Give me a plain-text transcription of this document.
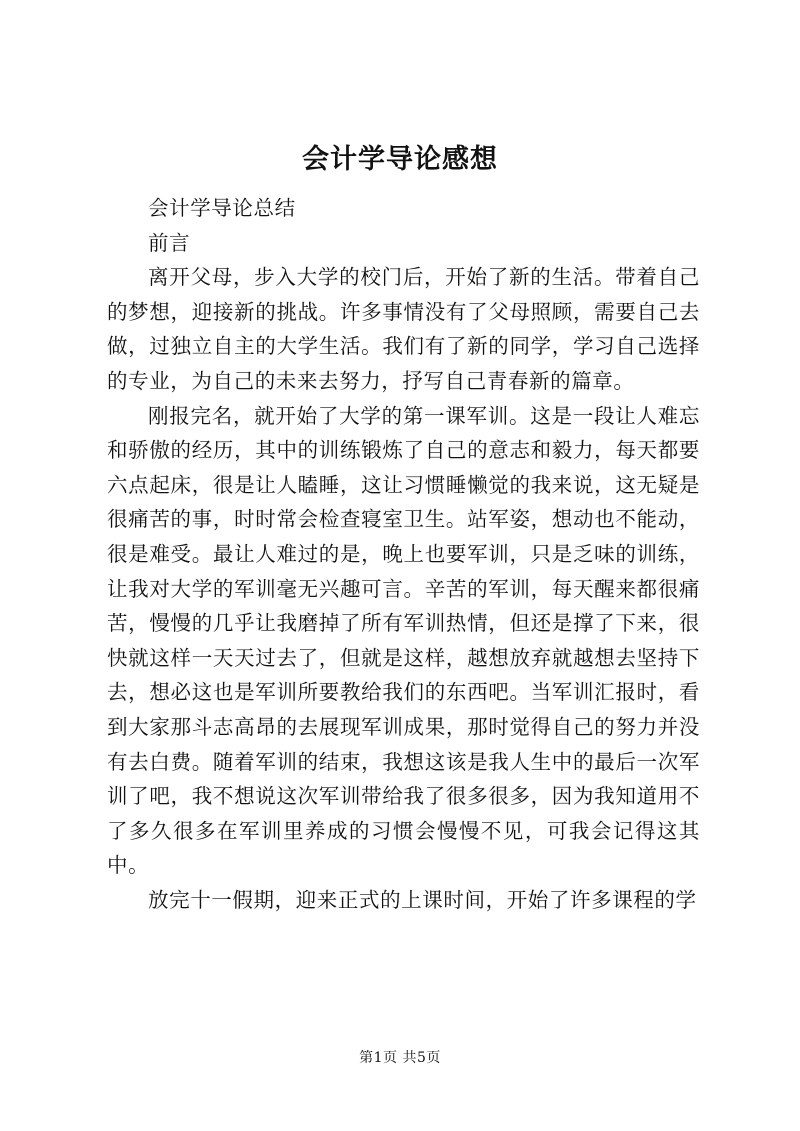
会计学导论感想

会计学导论总结

前言

离开父母，步入大学的校门后，开始了新的生活。带着自己的梦想，迎接新的挑战。许多事情没有了父母照顾，需要自己去做，过独立自主的大学生活。我们有了新的同学，学习自己选择的专业，为自己的未来去努力，抒写自己青春新的篇章。

刚报完名，就开始了大学的第一课军训。这是一段让人难忘和骄傲的经历，其中的训练锻炼了自己的意志和毅力，每天都要六点起床，很是让人瞌睡，这让习惯睡懒觉的我来说，这无疑是很痛苦的事，时时常会检查寝室卫生。站军姿，想动也不能动，很是难受。最让人难过的是，晚上也要军训，只是乏味的训练，让我对大学的军训毫无兴趣可言。辛苦的军训，每天醒来都很痛苦，慢慢的几乎让我磨掉了所有军训热情，但还是撑了下来，很快就这样一天天过去了，但就是这样，越想放弃就越想去坚持下去，想必这也是军训所要教给我们的东西吧。当军训汇报时，看到大家那斗志高昂的去展现军训成果，那时觉得自己的努力并没有去白费。随着军训的结束，我想这该是我人生中的最后一次军训了吧，我不想说这次军训带给我了很多很多，因为我知道用不了多久很多在军训里养成的习惯会慢慢不见，可我会记得这其中。

放完十一假期，迎来正式的上课时间，开始了许多课程的学

第1页 共5页
